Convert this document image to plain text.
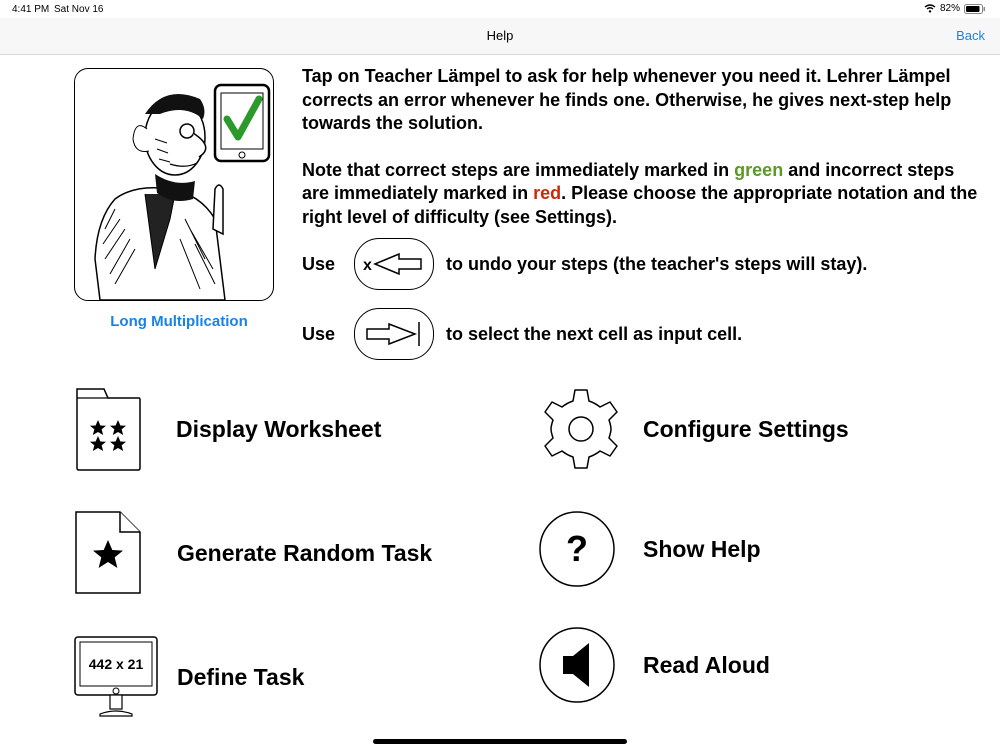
4:41 PM Sat Nov 16	82%
Help	Back
Long Multiplication

Tap on Teacher Lämpel to ask for help whenever you need it. Lehrer Lämpel corrects an error whenever he finds one. Otherwise, he gives next-step help towards the solution.

Note that correct steps are immediately marked in green and incorrect steps are immediately marked in red. Please choose the appropriate notation and the right level of difficulty (see Settings).

Use	x	to undo your steps (the teacher's steps will stay).
Use	to select the next cell as input cell.
Display Worksheet	Configure Settings
Generate Random Task	? Show Help
442 x 21 Define Task	Read Aloud
